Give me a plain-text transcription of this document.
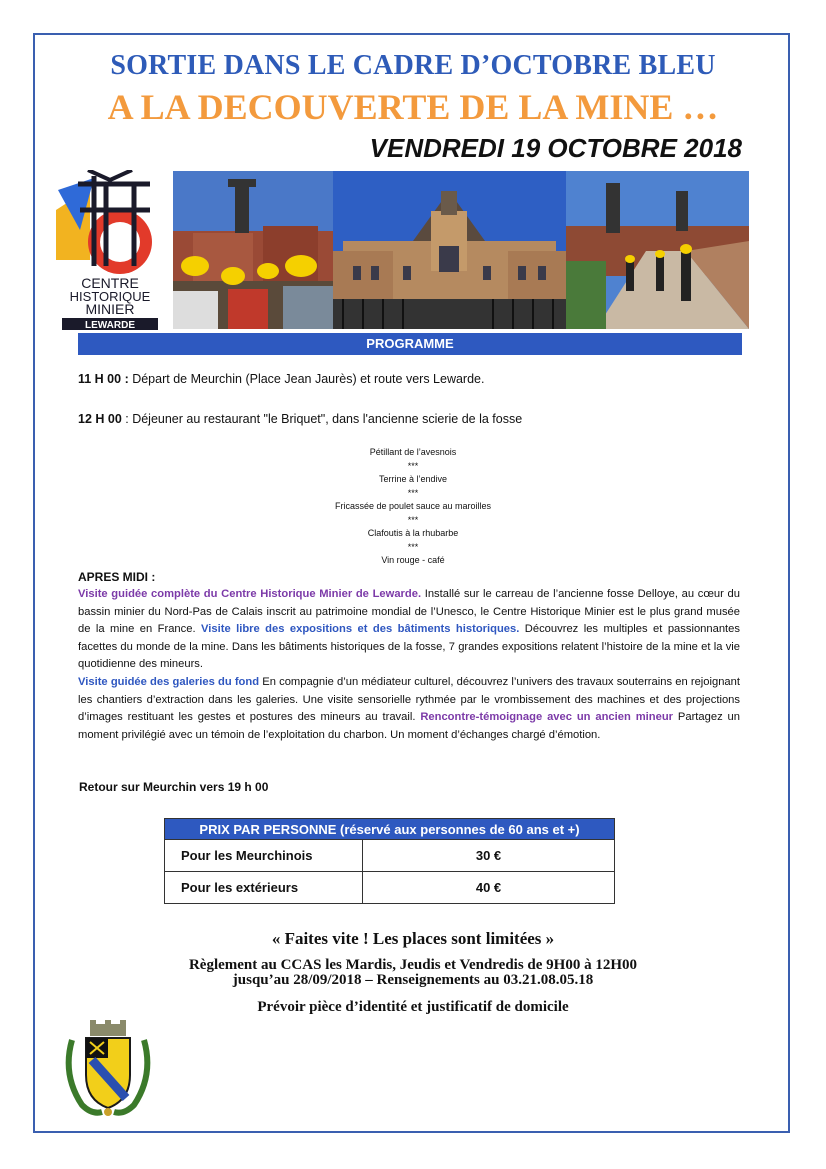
SORTIE DANS LE CADRE D’OCTOBRE BLEU
A LA DECOUVERTE DE LA MINE …
VENDREDI 19 OCTOBRE 2018
CENTRE
HISTORIQUE
MINIER
LEWARDE
PROGRAMME
11 H 00 : Départ de Meurchin (Place Jean Jaurès) et route vers Lewarde.
12 H 00 : Déjeuner au restaurant "le Briquet", dans l'ancienne scierie de la fosse
Pétillant de l’avesnois
***
Terrine à l’endive
***
Fricassée de poulet sauce au maroilles
***
Clafoutis à la rhubarbe
***
Vin rouge - café
APRES MIDI :
Visite guidée complète du Centre Historique Minier de Lewarde. Installé sur le carreau de l’ancienne fosse Delloye, au cœur du bassin minier du Nord-Pas de Calais inscrit au patrimoine mondial de l’Unesco, le Centre Historique Minier est le plus grand musée de la mine en France. Visite libre des expositions et des bâtiments historiques. Découvrez les multiples et passionnantes facettes du monde de la mine. Dans les bâtiments historiques de la fosse, 7 grandes expositions relatent l’histoire de la mine et la vie quotidienne des mineurs.
Visite guidée des galeries du fond En compagnie d’un médiateur culturel, découvrez l’univers des travaux souterrains en rejoignant les chantiers d’extraction dans les galeries. Une visite sensorielle rythmée par le vrombissement des machines et des projections d’images restituant les gestes et postures des mineurs au travail. Rencontre-témoignage avec un ancien mineur Partagez un moment privilégié avec un témoin de l’exploitation du charbon. Un moment d’échanges chargé d’émotion.
Retour sur Meurchin vers 19 h 00
PRIX PAR PERSONNE (réservé aux personnes de 60 ans et +)	
Pour les Meurchinois	30 €
Pour les extérieurs	40 €
« Faites vite ! Les places sont limitées »
Règlement au CCAS les Mardis, Jeudis et Vendredis de 9H00 à 12H00
jusqu’au 28/09/2018 – Renseignements au 03.21.08.05.18
Prévoir pièce d’identité et justificatif de domicile
